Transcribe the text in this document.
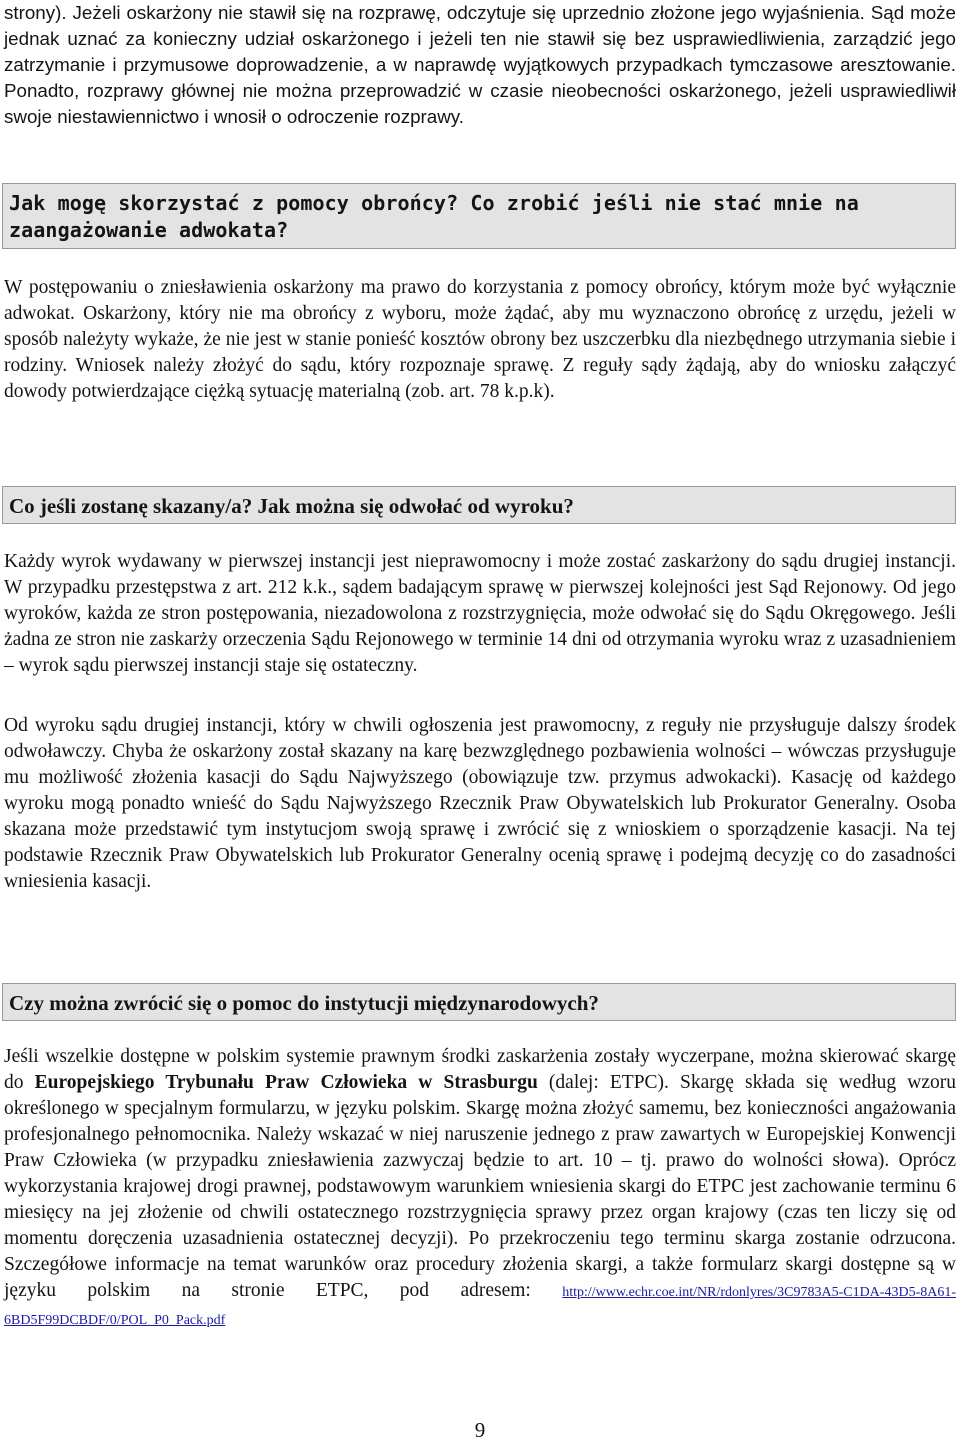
strony). Jeżeli oskarżony nie stawił się na rozprawę, odczytuje się uprzednio złożone jego wyjaśnienia. Sąd może jednak uznać za konieczny udział oskarżonego i jeżeli ten nie stawił się bez usprawiedliwienia, zarządzić jego zatrzymanie i przymusowe doprowadzenie, a w naprawdę wyjątkowych przypadkach tymczasowe aresztowanie. Ponadto, rozprawy głównej nie można przeprowadzić w czasie nieobecności oskarżonego, jeżeli usprawiedliwił swoje niestawiennictwo i wnosił o odroczenie rozprawy.

Jak mogę skorzystać z pomocy obrońcy? Co zrobić jeśli nie stać mnie na zaangażowanie adwokata?

W postępowaniu o zniesławienia oskarżony ma prawo do korzystania z pomocy obrońcy, którym może być wyłącznie adwokat. Oskarżony, który nie ma obrońcy z wyboru, może żądać, aby mu wyznaczono obrońcę z urzędu, jeżeli w sposób należyty wykaże, że nie jest w stanie ponieść kosztów obrony bez uszczerbku dla niezbędnego utrzymania siebie i rodziny. Wniosek należy złożyć do sądu, który rozpoznaje sprawę. Z reguły sądy żądają, aby do wniosku załączyć dowody potwierdzające ciężką sytuację materialną (zob. art. 78 k.p.k).

Co jeśli zostanę skazany/a? Jak można się odwołać od wyroku?

Każdy wyrok wydawany w pierwszej instancji jest nieprawomocny i może zostać zaskarżony do sądu drugiej instancji. W przypadku przestępstwa z art. 212 k.k., sądem badającym sprawę w pierwszej kolejności jest Sąd Rejonowy. Od jego wyroków, każda ze stron postępowania, niezadowolona z rozstrzygnięcia, może odwołać się do Sądu Okręgowego. Jeśli żadna ze stron nie zaskarży orzeczenia Sądu Rejonowego w terminie 14 dni od otrzymania wyroku wraz z uzasadnieniem – wyrok sądu pierwszej instancji staje się ostateczny.

Od wyroku sądu drugiej instancji, który w chwili ogłoszenia jest prawomocny, z reguły nie przysługuje dalszy środek odwoławczy. Chyba że oskarżony został skazany na karę bezwzględnego pozbawienia wolności – wówczas przysługuje mu możliwość złożenia kasacji do Sądu Najwyższego (obowiązuje tzw. przymus adwokacki). Kasację od każdego wyroku mogą ponadto wnieść do Sądu Najwyższego Rzecznik Praw Obywatelskich lub Prokurator Generalny. Osoba skazana może przedstawić tym instytucjom swoją sprawę i zwrócić się z wnioskiem o sporządzenie kasacji. Na tej podstawie Rzecznik Praw Obywatelskich lub Prokurator Generalny ocenią sprawę i podejmą decyzję co do zasadności wniesienia kasacji.

Czy można zwrócić się o pomoc do instytucji międzynarodowych?

Jeśli wszelkie dostępne w polskim systemie prawnym środki zaskarżenia zostały wyczerpane, można skierować skargę do Europejskiego Trybunału Praw Człowieka w Strasburgu (dalej: ETPC). Skargę składa się według wzoru określonego w specjalnym formularzu, w języku polskim. Skargę można złożyć samemu, bez konieczności angażowania profesjonalnego pełnomocnika. Należy wskazać w niej naruszenie jednego z praw zawartych w Europejskiej Konwencji Praw Człowieka (w przypadku zniesławienia zazwyczaj będzie to art. 10 – tj. prawo do wolności słowa). Oprócz wykorzystania krajowej drogi prawnej, podstawowym warunkiem wniesienia skargi do ETPC jest zachowanie terminu 6 miesięcy na jej złożenie od chwili ostatecznego rozstrzygnięcia sprawy przez organ krajowy (czas ten liczy się od momentu doręczenia uzasadnienia ostatecznej decyzji). Po przekroczeniu tego terminu skarga zostanie odrzucona. Szczegółowe informacje na temat warunków oraz procedury złożenia skargi, a także formularz skargi dostępne są w języku polskim na stronie ETPC, pod adresem: http://www.echr.coe.int/NR/rdonlyres/3C9783A5-C1DA-43D5-8A61-6BD5F99DCBDF/0/POL_P0_Pack.pdf

9
